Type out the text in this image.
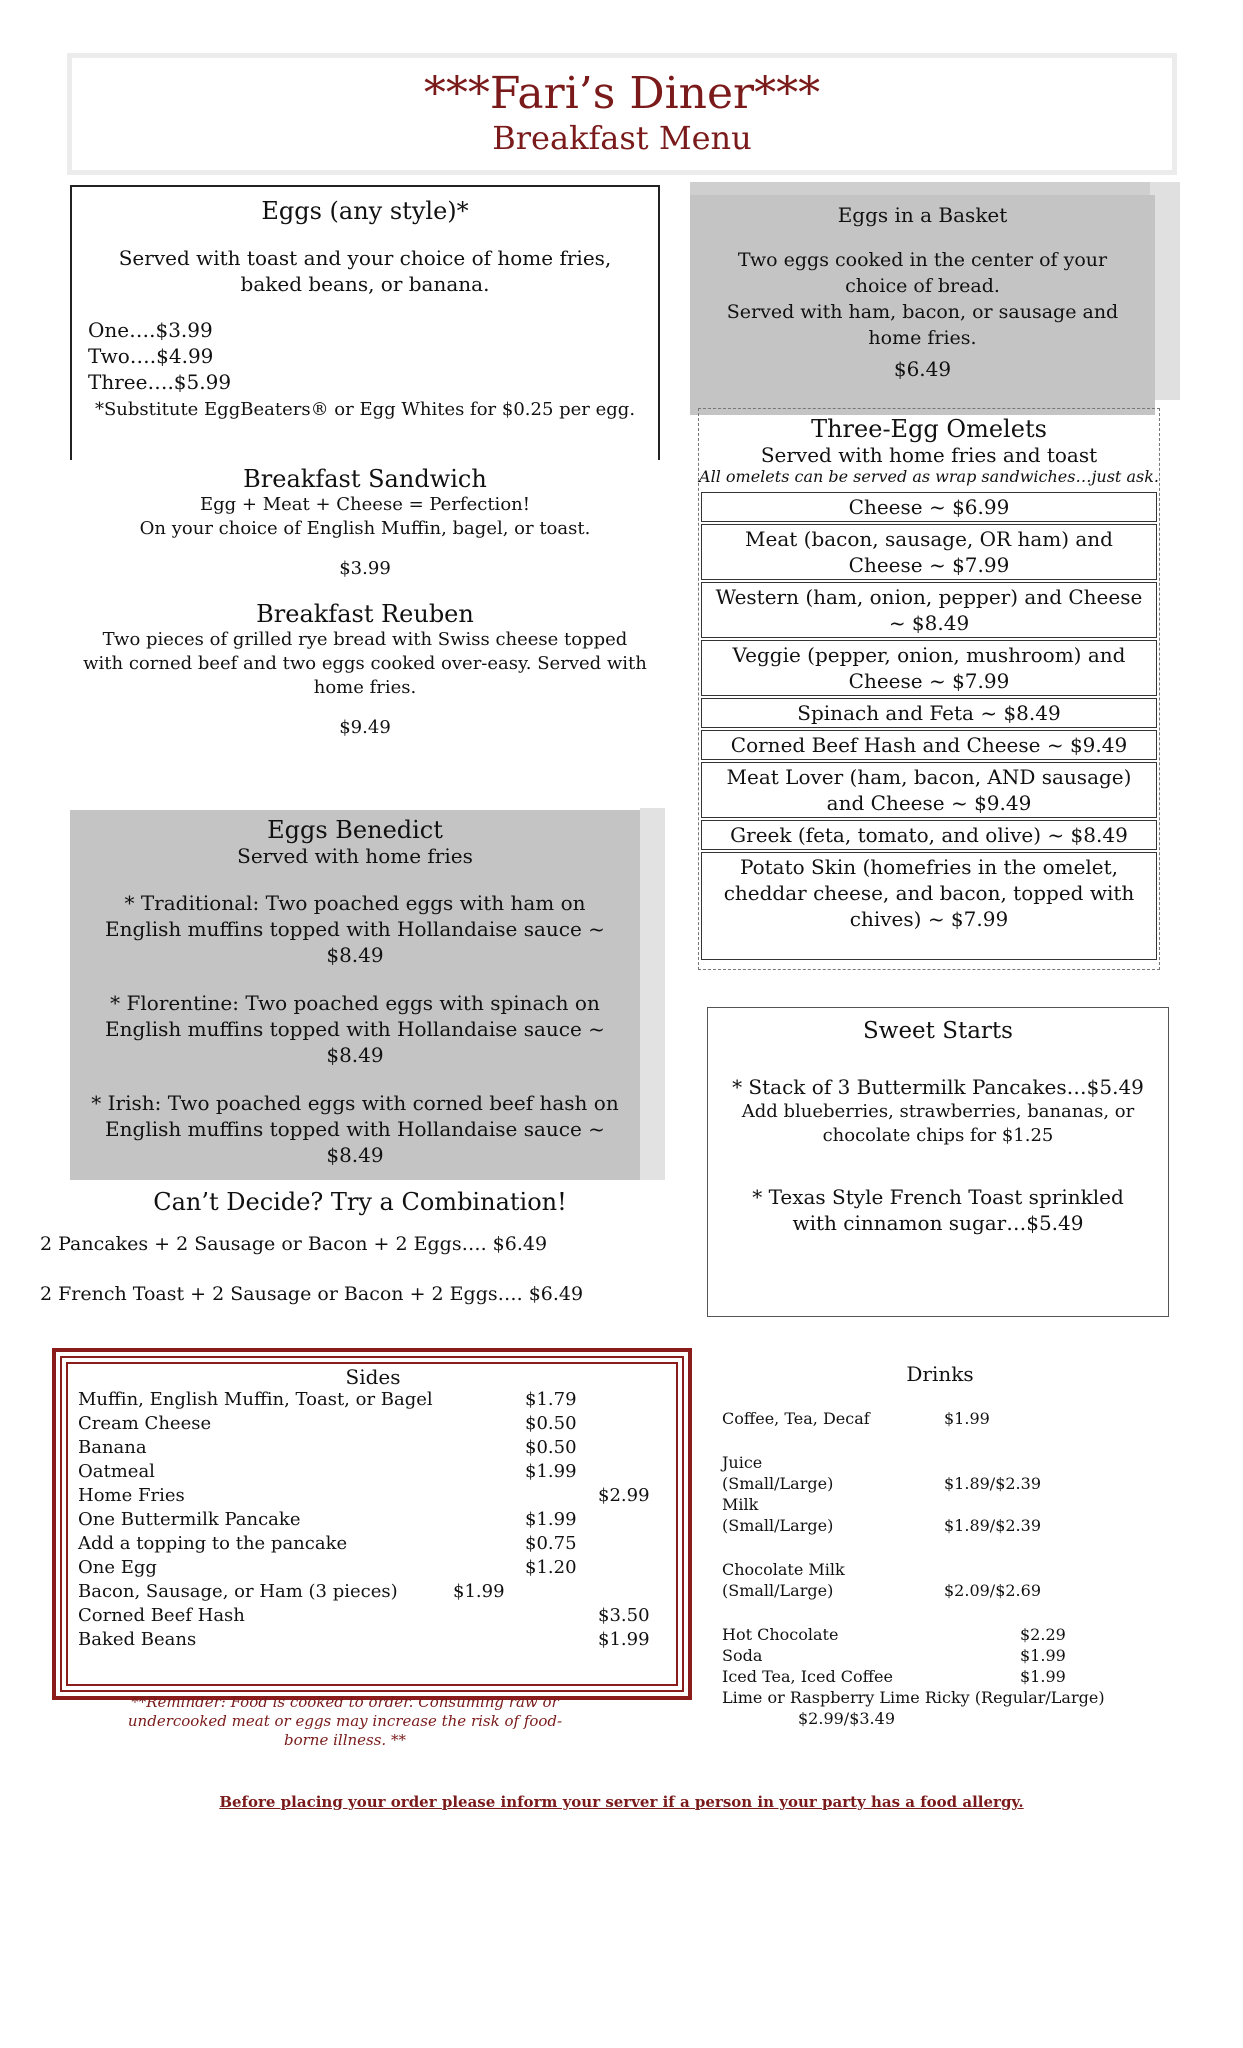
***Fari’s Diner***
Breakfast Menu
Eggs (any style)*
Served with toast and your choice of home fries, baked beans, or banana.
One….$3.99
Two….$4.99
Three….$5.99
*Substitute EggBeaters® or Egg Whites for $0.25 per egg.
Eggs in a Basket
Two eggs cooked in the center of your choice of bread.
Served with ham, bacon, or sausage and home fries.
$6.49
Three-Egg Omelets
Served with home fries and toast
All omelets can be served as wrap sandwiches…just ask.
Cheese ~ $6.99
Meat (bacon, sausage, OR ham) and Cheese ~ $7.99
Western (ham, onion, pepper) and Cheese ~ $8.49
Veggie (pepper, onion, mushroom) and Cheese ~ $7.99
Spinach and Feta ~ $8.49
Corned Beef Hash and Cheese ~ $9.49
Meat Lover (ham, bacon, AND sausage) and Cheese ~ $9.49
Greek (feta, tomato, and olive) ~ $8.49
Potato Skin (homefries in the omelet, cheddar cheese, and bacon, topped with chives) ~ $7.99
Breakfast Sandwich
Egg + Meat + Cheese = Perfection!
On your choice of English Muffin, bagel, or toast.
$3.99
Breakfast Reuben
Two pieces of grilled rye bread with Swiss cheese topped with corned beef and two eggs cooked over-easy. Served with home fries.
$9.49
Eggs Benedict
Served with home fries
* Traditional: Two poached eggs with ham on English muffins topped with Hollandaise sauce ~ $8.49
* Florentine: Two poached eggs with spinach on English muffins topped with Hollandaise sauce ~ $8.49
* Irish: Two poached eggs with corned beef hash on English muffins topped with Hollandaise sauce ~ $8.49
Can’t Decide? Try a Combination!
2 Pancakes + 2 Sausage or Bacon + 2 Eggs…. $6.49
2 French Toast + 2 Sausage or Bacon + 2 Eggs…. $6.49
Sweet Starts
* Stack of 3 Buttermilk Pancakes…$5.49
Add blueberries, strawberries, bananas, or chocolate chips for $1.25
* Texas Style French Toast sprinkled with cinnamon sugar…$5.49
Sides
Muffin, English Muffin, Toast, or Bagel	$1.79
Cream Cheese	$0.50
Banana	$0.50
Oatmeal	$1.99
Home Fries	$2.99
One Buttermilk Pancake	$1.99
Add a topping to the pancake	$0.75
One Egg	$1.20
Bacon, Sausage, or Ham (3 pieces)	$1.99
Corned Beef Hash	$3.50
Baked Beans	$1.99
**Reminder: Food is cooked to order. Consuming raw or undercooked meat or eggs may increase the risk of food-borne illness. **
Drinks
Coffee, Tea, Decaf	$1.99
Juice
(Small/Large)	$1.89/$2.39
Milk
(Small/Large)	$1.89/$2.39
Chocolate Milk
(Small/Large)	$2.09/$2.69
Hot Chocolate	$2.29
Soda	$1.99
Iced Tea, Iced Coffee	$1.99
Lime or Raspberry Lime Ricky (Regular/Large)
$2.99/$3.49
Before placing your order please inform your server if a person in your party has a food allergy.
